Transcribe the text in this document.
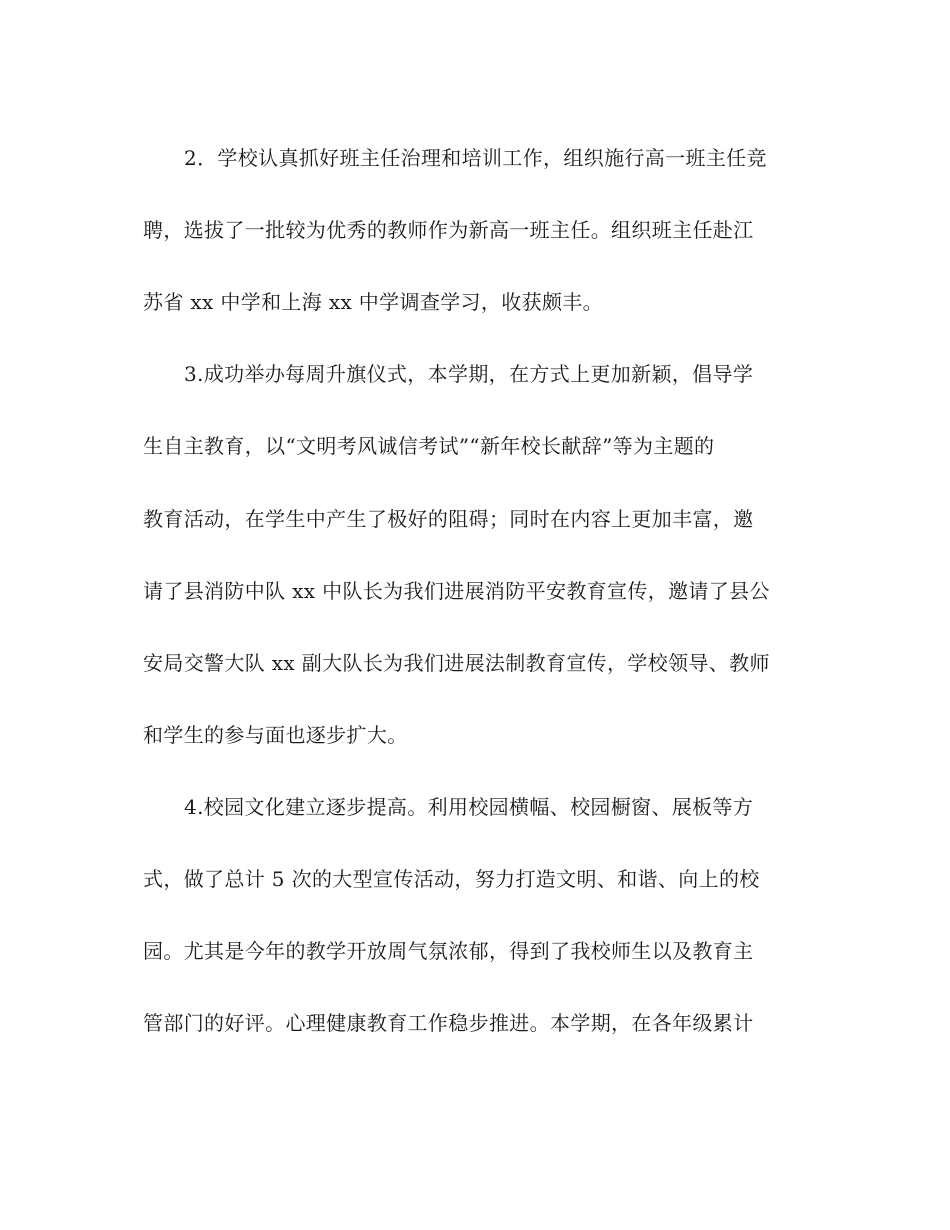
2．学校认真抓好班主任治理和培训工作，组织施行高一班主任竞
聘，选拔了一批较为优秀的教师作为新高一班主任。组织班主任赴江
苏省 xx 中学和上海 xx 中学调查学习，收获颇丰。
3.成功举办每周升旗仪式，本学期，在方式上更加新颖，倡导学
生自主教育，以“文明考风诚信考试”“新年校长献辞”等为主题的
教育活动，在学生中产生了极好的阻碍；同时在内容上更加丰富，邀
请了县消防中队 xx 中队长为我们进展消防平安教育宣传，邀请了县公
安局交警大队 xx 副大队长为我们进展法制教育宣传，学校领导、教师
和学生的参与面也逐步扩大。
4.校园文化建立逐步提高。利用校园横幅、校园橱窗、展板等方
式，做了总计 5 次的大型宣传活动，努力打造文明、和谐、向上的校
园。尤其是今年的教学开放周气氛浓郁，得到了我校师生以及教育主
管部门的好评。心理健康教育工作稳步推进。本学期，在各年级累计
